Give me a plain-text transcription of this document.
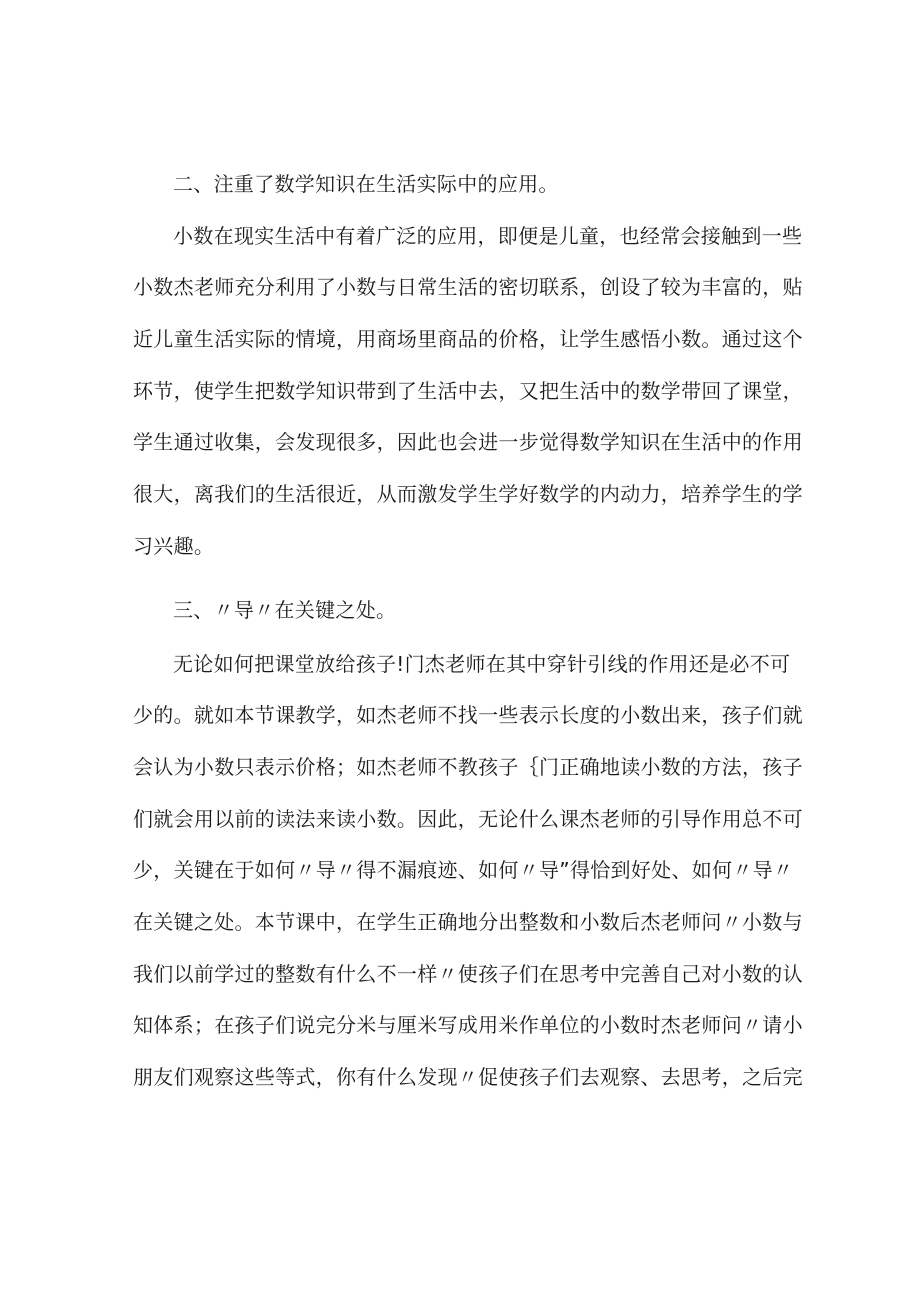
二、注重了数学知识在生活实际中的应用。
小数在现实生活中有着广泛的应用，即便是儿童，也经常会接触到一些
小数杰老师充分利用了小数与日常生活的密切联系，创设了较为丰富的，贴
近儿童生活实际的情境，用商场里商品的价格，让学生感悟小数。通过这个
环节，使学生把数学知识带到了生活中去，又把生活中的数学带回了课堂，
学生通过收集，会发现很多，因此也会进一步觉得数学知识在生活中的作用
很大，离我们的生活很近，从而激发学生学好数学的内动力，培养学生的学
习兴趣。
三、〃导〃在关键之处。
无论如何把课堂放给孩子!门杰老师在其中穿针引线的作用还是必不可
少的。就如本节课教学，如杰老师不找一些表示长度的小数出来，孩子们就
会认为小数只表示价格；如杰老师不教孩子｛门正确地读小数的方法，孩子
们就会用以前的读法来读小数。因此，无论什么课杰老师的引导作用总不可
少，关键在于如何〃导〃得不漏痕迹、如何〃导”得恰到好处、如何〃导〃
在关键之处。本节课中，在学生正确地分出整数和小数后杰老师问〃小数与
我们以前学过的整数有什么不一样〃使孩子们在思考中完善自己对小数的认
知体系；在孩子们说完分米与厘米写成用米作单位的小数时杰老师问〃请小
朋友们观察这些等式，你有什么发现〃促使孩子们去观察、去思考，之后完
